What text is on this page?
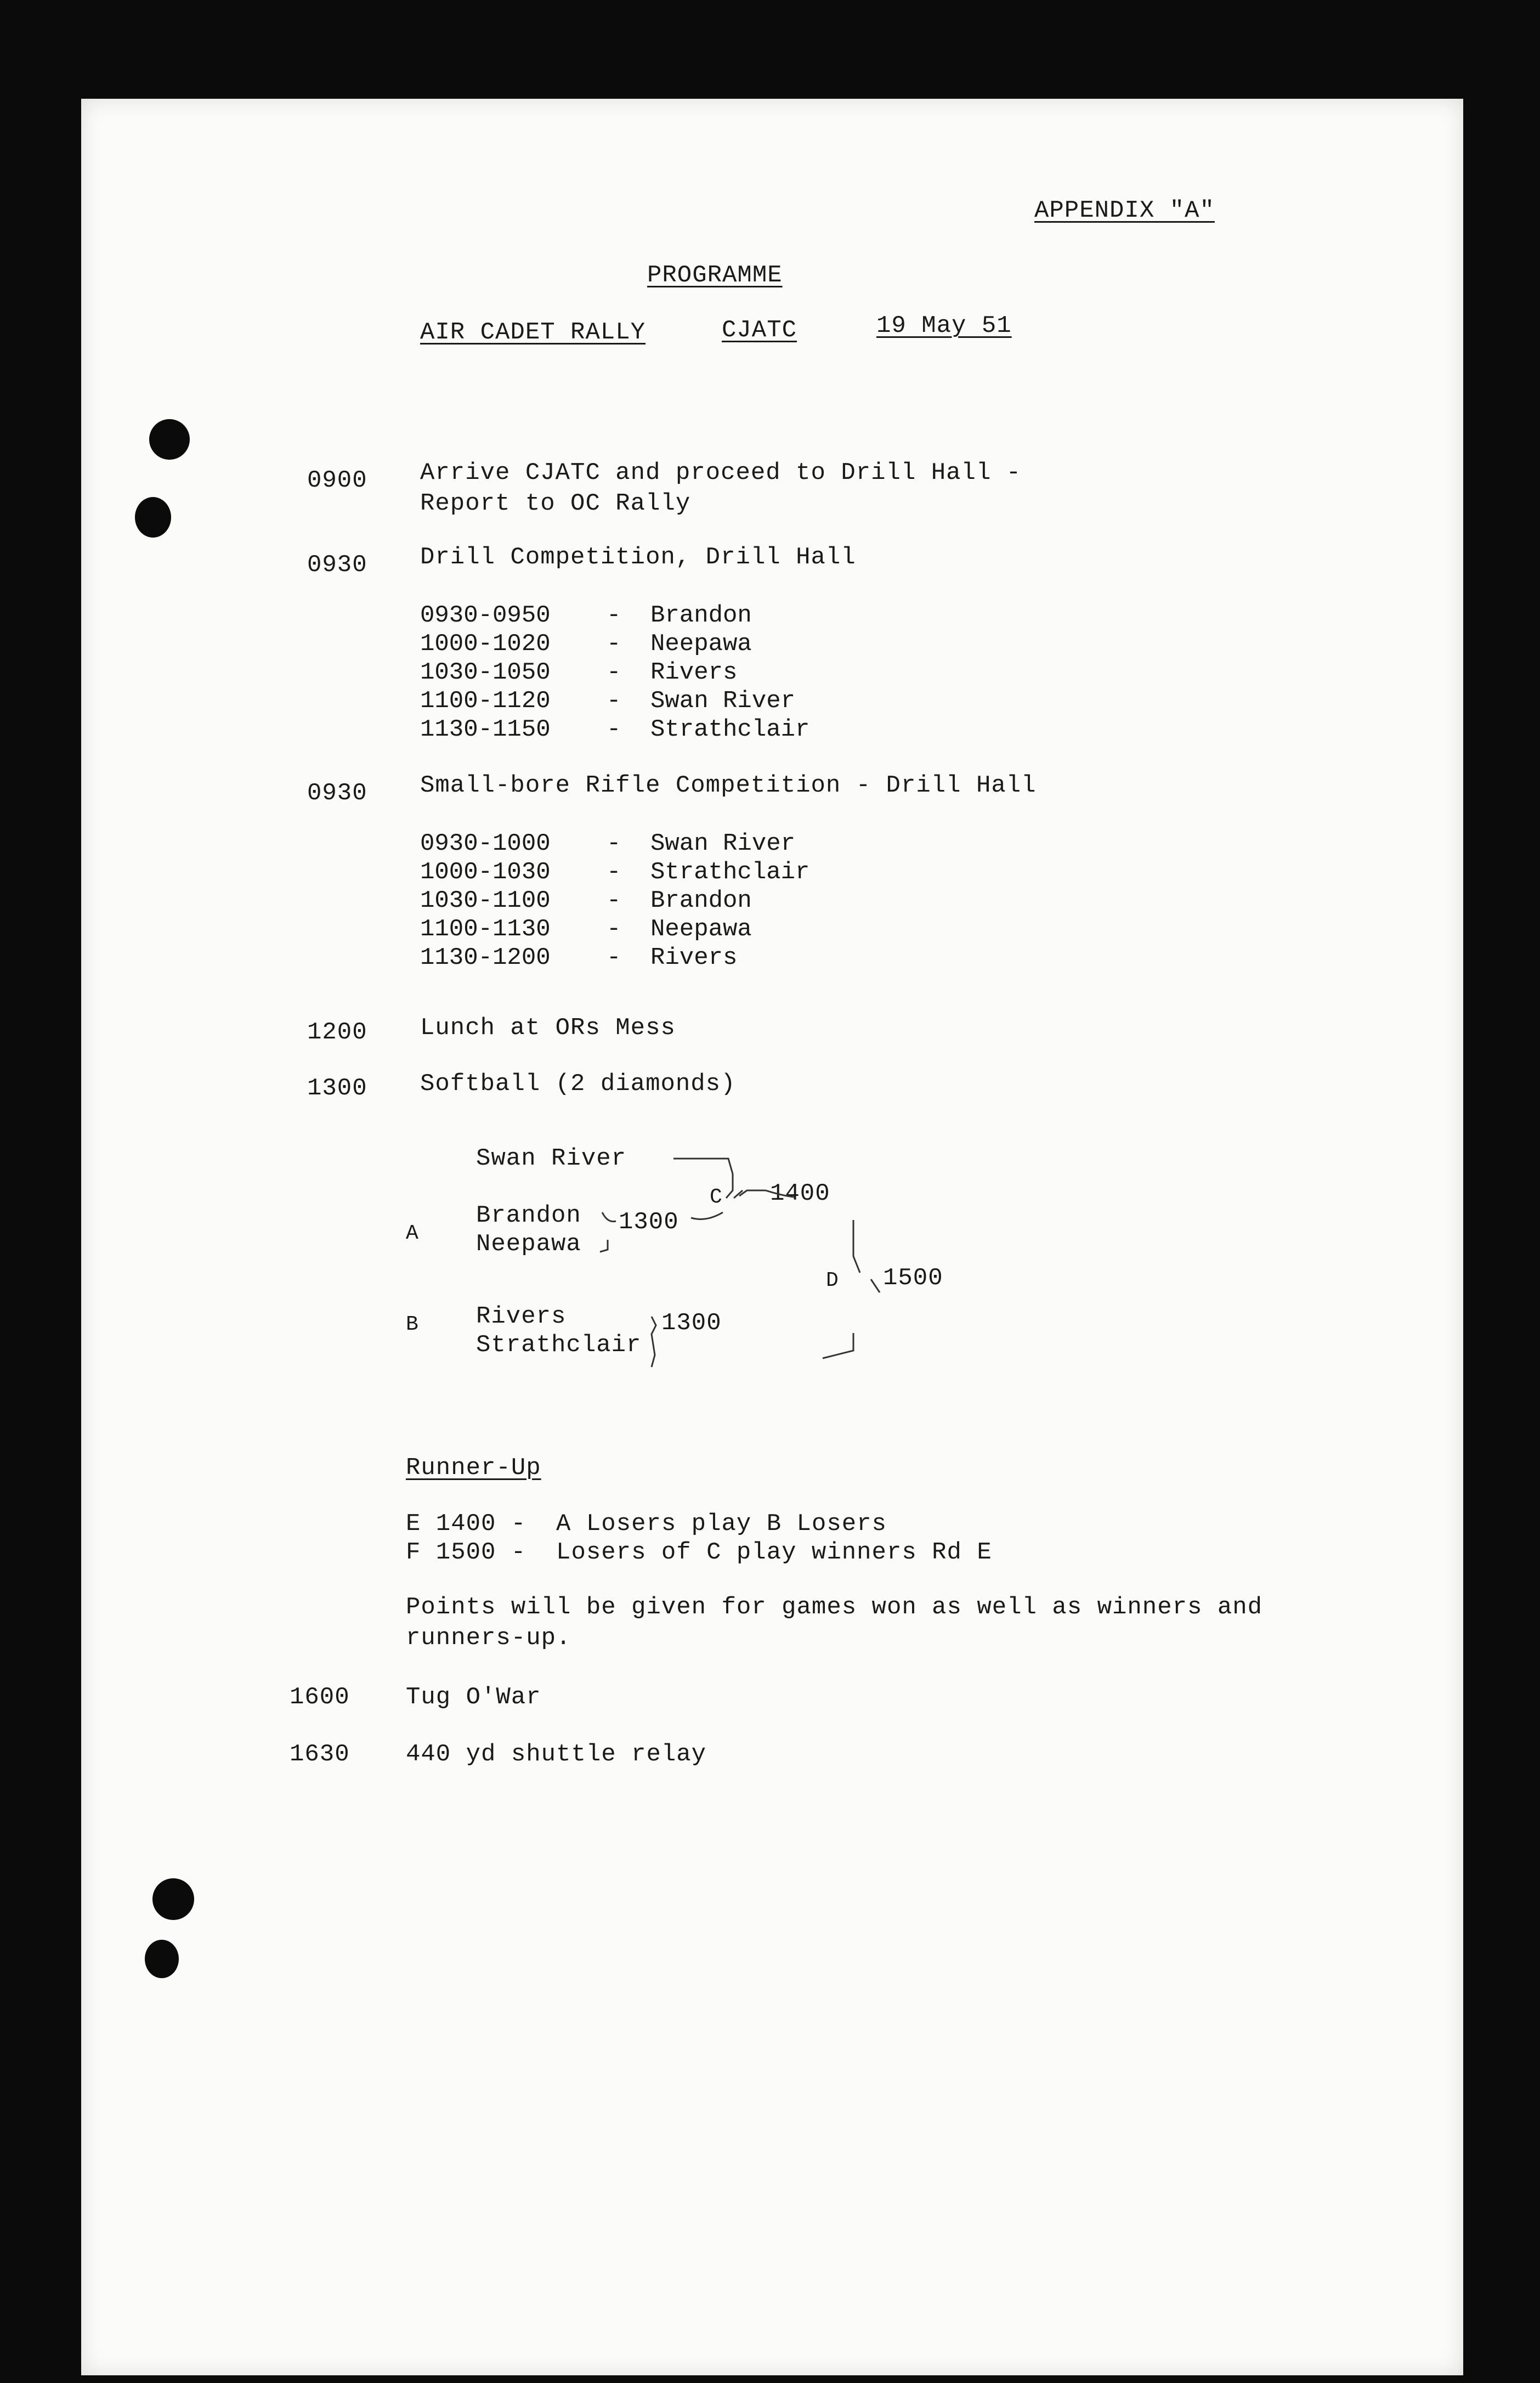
APPENDIX "A"
PROGRAMME
AIR CADET RALLY	CJATC	19 May 51
0900 Arrive CJATC and proceed to Drill Hall -
Report to OC Rally
0930 Drill Competition, Drill Hall
0930-0950	-	Brandon
1000-1020	-	Neepawa
1030-1050	-	Rivers
1100-1120	-	Swan River
1130-1150	-	Strathclair
0930 Small-bore Rifle Competition - Drill Hall
0930-1000	-	Swan River
1000-1030	-	Strathclair
1030-1100	-	Brandon
1100-1130	-	Neepawa
1130-1200	-	Rivers
1200 Lunch at ORs Mess
1300 Softball (2 diamonds)
Swan River
A
Brandon
Neepawa
1300
C 1400
D 1500
B Rivers
Strathclair
1300
Runner-Up
E 1400 -  A Losers play B Losers
F 1500 -  Losers of C play winners Rd E
Points will be given for games won as well as winners and
runners-up.
1600 Tug O'War
1630 440 yd shuttle relay
